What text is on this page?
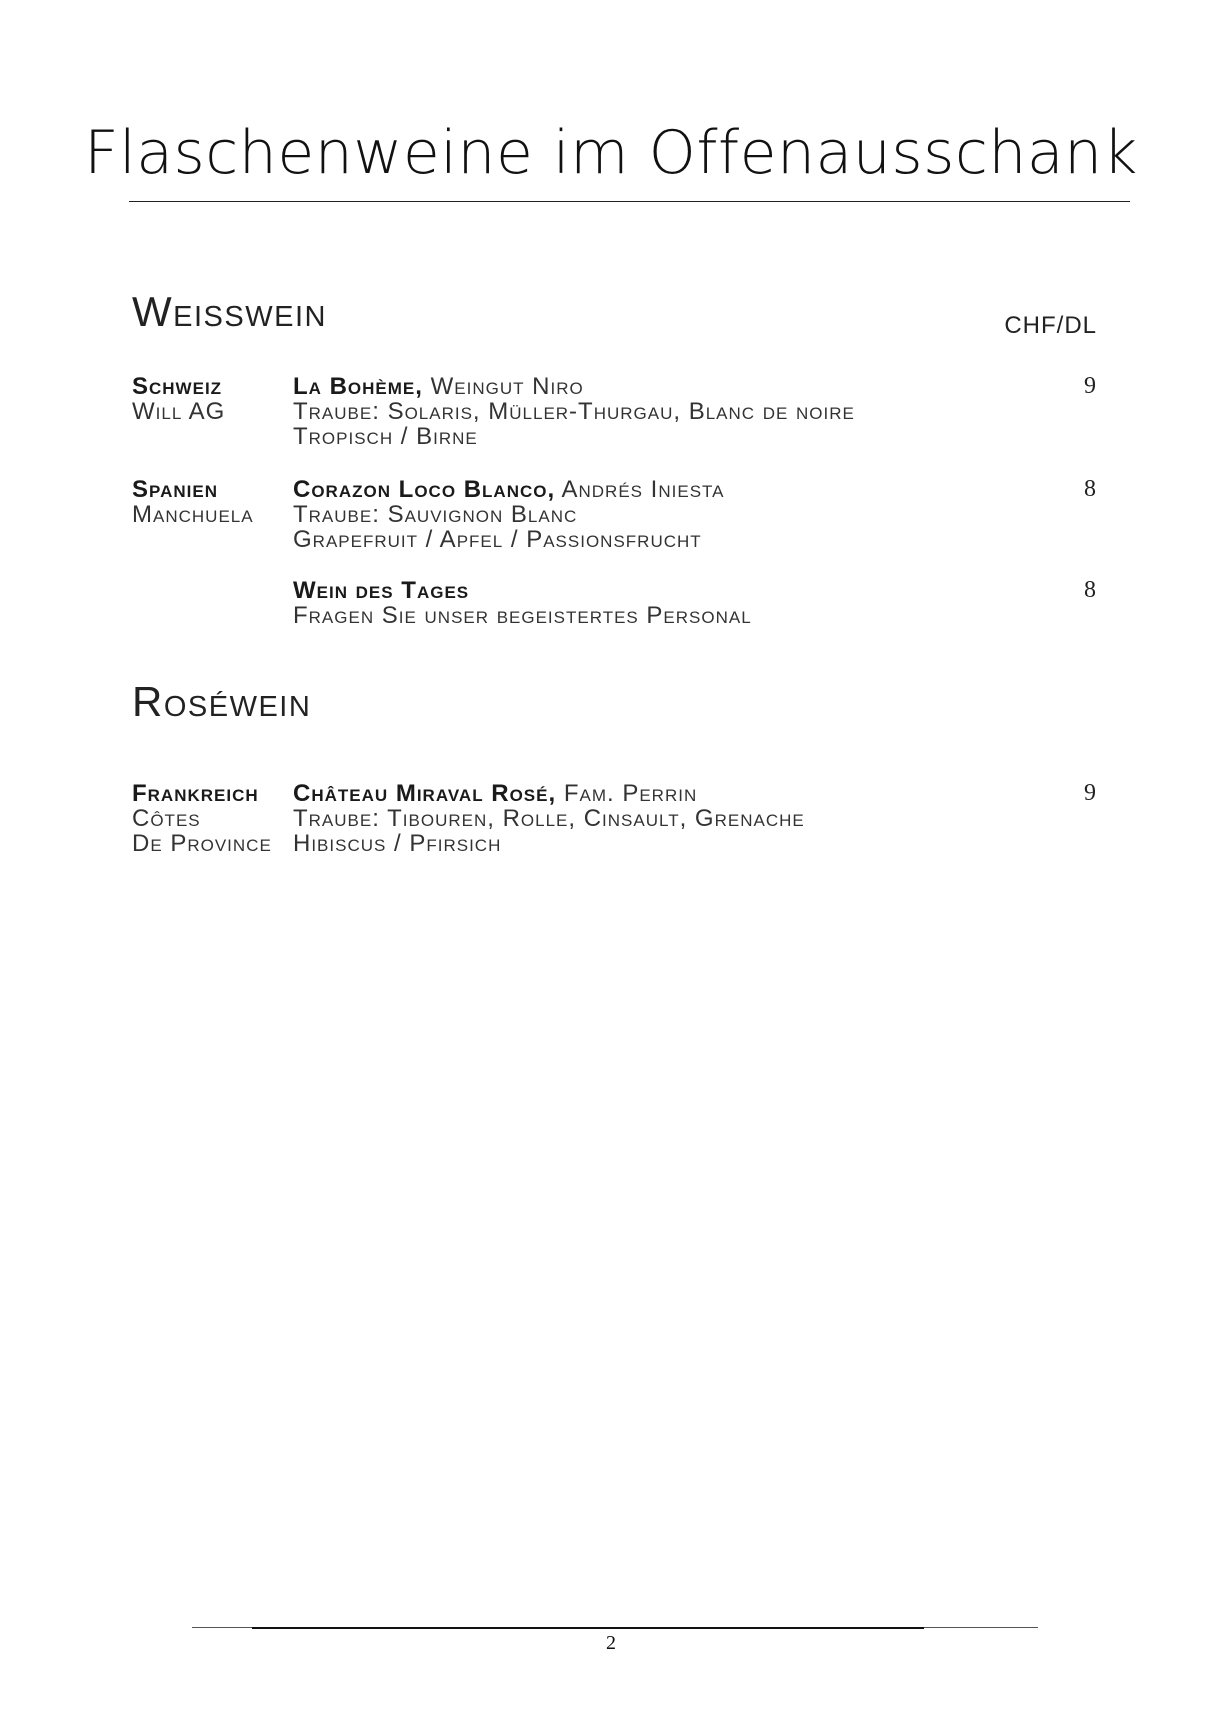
Flaschenweine im Offenausschank
Weisswein	CHF/DL
Schweiz
Will AG
La Bohème, Weingut Niro
Traube: Solaris, Müller-Thurgau, Blanc de noire
Tropisch / Birne
9
Spanien
Manchuela
Corazon Loco Blanco, Andrés Iniesta
Traube: Sauvignon Blanc
Grapefruit / Apfel / Passionsfrucht
8
Wein des Tages
Fragen Sie unser begeistertes Personal
8
Roséwein
Frankreich
Côtes
De Province
Château Miraval Rosé, Fam. Perrin
Traube: Tibouren, Rolle, Cinsault, Grenache
Hibiscus / Pfirsich
9
2
